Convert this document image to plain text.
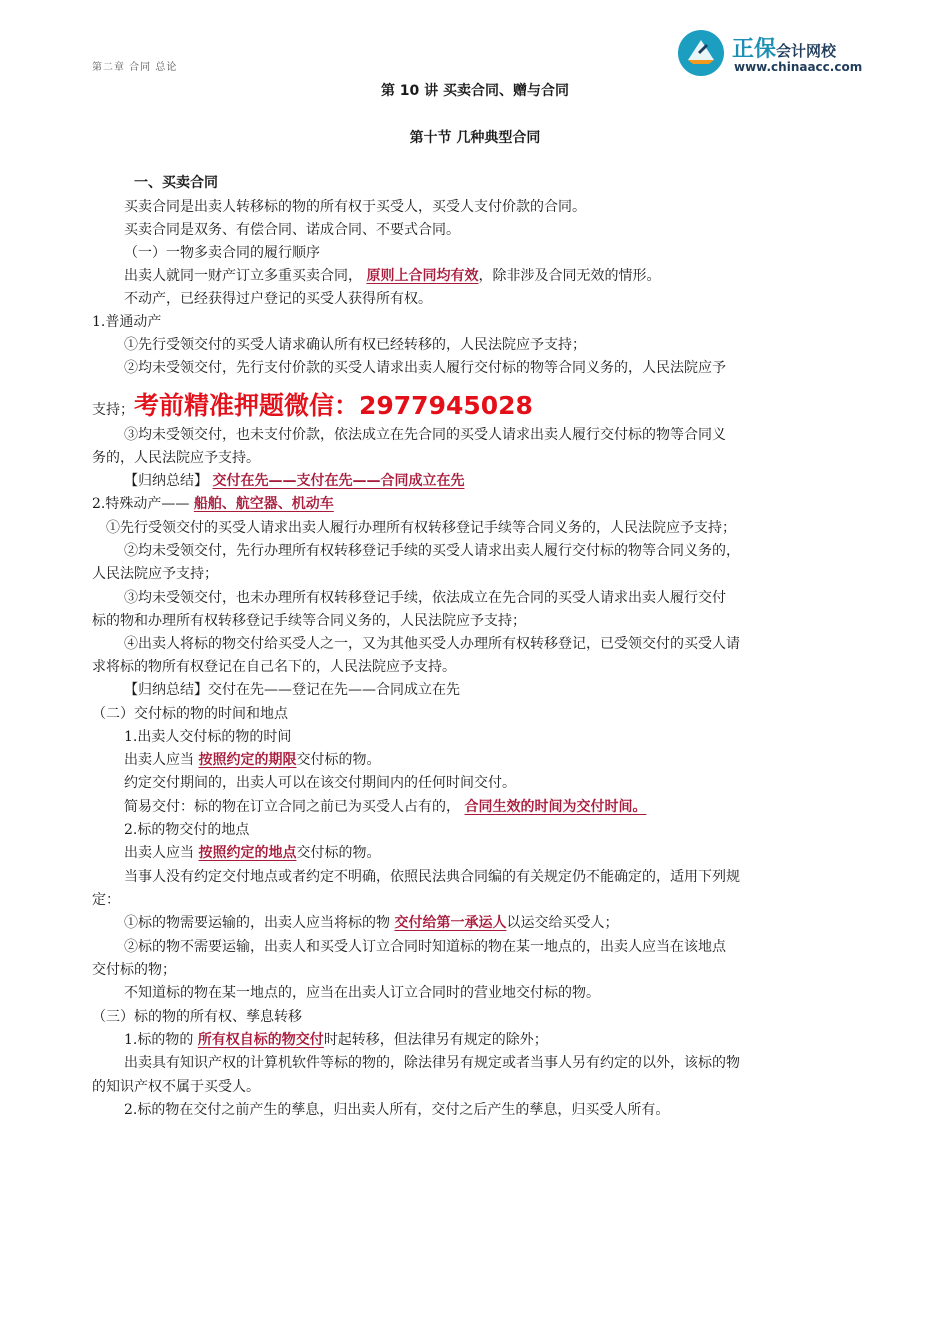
第二章 合同 总论
正保会计网校
www.chinaacc.com
第 10 讲 买卖合同、赠与合同
第十节 几种典型合同
一、买卖合同
买卖合同是出卖人转移标的物的所有权于买受人，买受人支付价款的合同。
买卖合同是双务、有偿合同、诺成合同、不要式合同。
（一）一物多卖合同的履行顺序
出卖人就同一财产订立多重买卖合同， 原则上合同均有效，除非涉及合同无效的情形。
不动产，已经获得过户登记的买受人获得所有权。
1.普通动产
①先行受领交付的买受人请求确认所有权已经转移的，人民法院应予支持；
②均未受领交付，先行支付价款的买受人请求出卖人履行交付标的物等合同义务的，人民法院应予
支持；考前精准押题微信：2977945028
③均未受领交付，也未支付价款，依法成立在先合同的买受人请求出卖人履行交付标的物等合同义
务的，人民法院应予支持。
【归纳总结】 交付在先——支付在先——合同成立在先
2.特殊动产—— 船舶、航空器、机动车
①先行受领交付的买受人请求出卖人履行办理所有权转移登记手续等合同义务的，人民法院应予支持；
②均未受领交付，先行办理所有权转移登记手续的买受人请求出卖人履行交付标的物等合同义务的，
人民法院应予支持；
③均未受领交付，也未办理所有权转移登记手续，依法成立在先合同的买受人请求出卖人履行交付
标的物和办理所有权转移登记手续等合同义务的，人民法院应予支持；
④出卖人将标的物交付给买受人之一，又为其他买受人办理所有权转移登记，已受领交付的买受人请
求将标的物所有权登记在自己名下的，人民法院应予支持。
【归纳总结】交付在先——登记在先——合同成立在先
（二）交付标的物的时间和地点
1.出卖人交付标的物的时间
出卖人应当 按照约定的期限交付标的物。
约定交付期间的，出卖人可以在该交付期间内的任何时间交付。
简易交付：标的物在订立合同之前已为买受人占有的， 合同生效的时间为交付时间。
2.标的物交付的地点
出卖人应当 按照约定的地点交付标的物。
当事人没有约定交付地点或者约定不明确，依照民法典合同编的有关规定仍不能确定的，适用下列规
定：
①标的物需要运输的，出卖人应当将标的物 交付给第一承运人以运交给买受人；
②标的物不需要运输，出卖人和买受人订立合同时知道标的物在某一地点的，出卖人应当在该地点
交付标的物；
不知道标的物在某一地点的，应当在出卖人订立合同时的营业地交付标的物。
（三）标的物的所有权、孳息转移
1.标的物的 所有权自标的物交付时起转移，但法律另有规定的除外；
出卖具有知识产权的计算机软件等标的物的，除法律另有规定或者当事人另有约定的以外，该标的物
的知识产权不属于买受人。
2.标的物在交付之前产生的孳息，归出卖人所有，交付之后产生的孳息，归买受人所有。
